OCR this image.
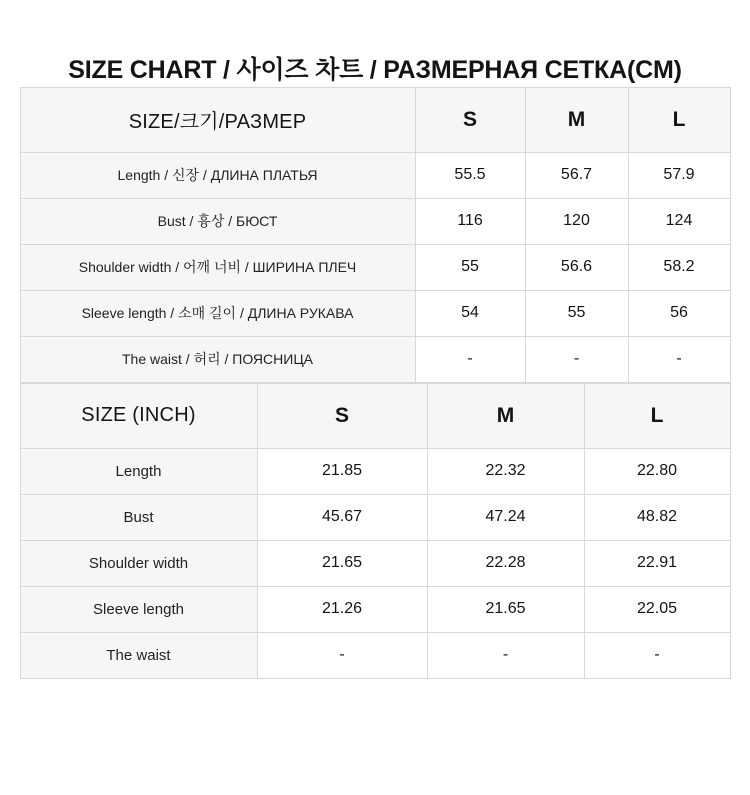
SIZE CHART / 사이즈 차트 / РАЗМЕРНАЯ СЕТКА(CM)
SIZE/크기/РАЗМЕР	S	M	L
Length / 신장 / ДЛИНА ПЛАТЬЯ	55.5	56.7	57.9
Bust / 흉상 / БЮСТ	116	120	124
Shoulder width / 어깨 너비 / ШИРИНА ПЛЕЧ	55	56.6	58.2
Sleeve length / 소매 길이 / ДЛИНА РУКАВА	54	55	56
The waist / 허리 / ПОЯСНИЦА	-	-	-
SIZE (INCH)	S	M	L
Length	21.85	22.32	22.80
Bust	45.67	47.24	48.82
Shoulder width	21.65	22.28	22.91
Sleeve length	21.26	21.65	22.05
The waist	-	-	-
